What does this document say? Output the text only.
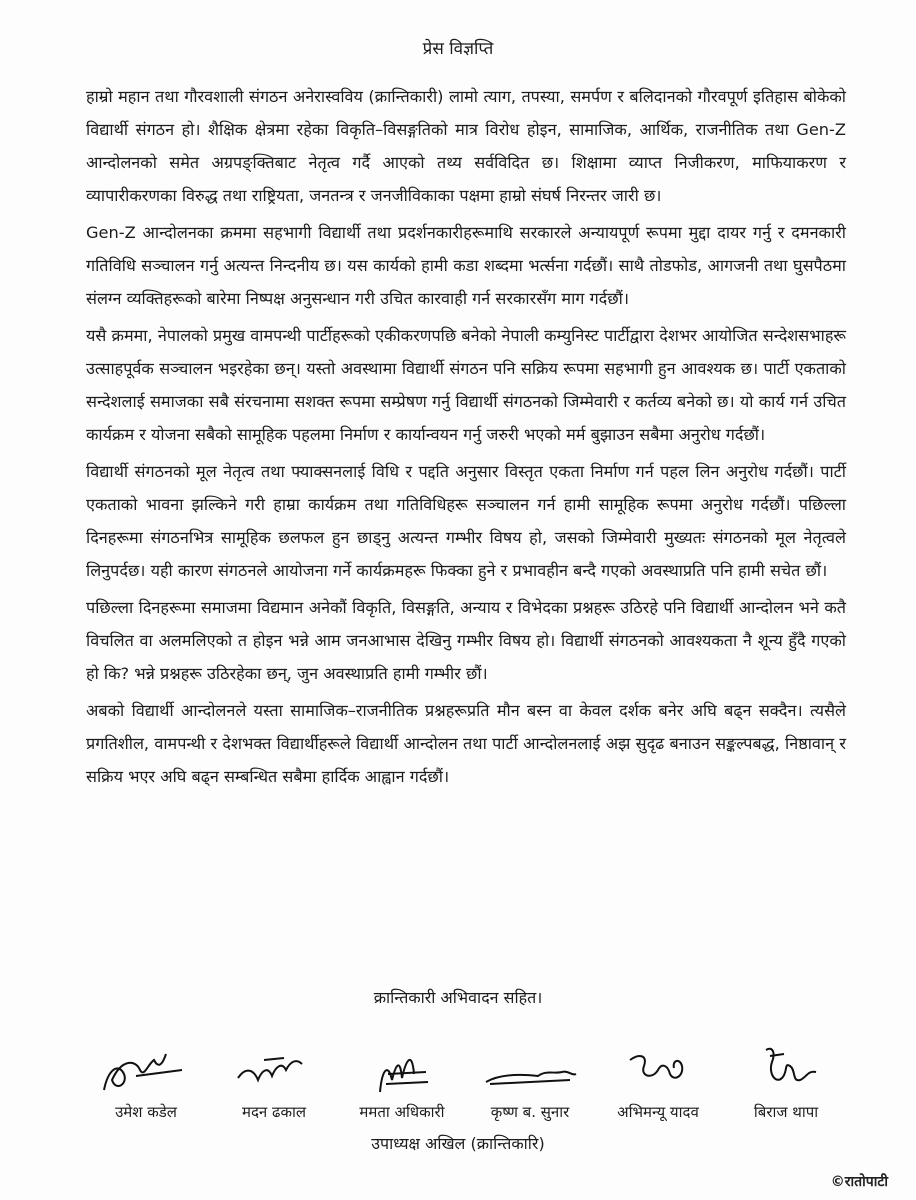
प्रेस विज्ञप्ति

हाम्रो महान तथा गौरवशाली संगठन अनेरास्वविय (क्रान्तिकारी) लामो त्याग, तपस्या, समर्पण र बलिदानको गौरवपूर्ण इतिहास बोकेको विद्यार्थी संगठन हो। शैक्षिक क्षेत्रमा रहेका विकृति–विसङ्गतिको मात्र विरोध होइन, सामाजिक, आर्थिक, राजनीतिक तथा Gen-Z आन्दोलनको समेत अग्रपङ्क्तिबाट नेतृत्व गर्दै आएको तथ्य सर्वविदित छ। शिक्षामा व्याप्त निजीकरण, माफियाकरण र व्यापारीकरणका विरुद्ध तथा राष्ट्रियता, जनतन्त्र र जनजीविकाका पक्षमा हाम्रो संघर्ष निरन्तर जारी छ।

Gen-Z आन्दोलनका क्रममा सहभागी विद्यार्थी तथा प्रदर्शनकारीहरूमाथि सरकारले अन्यायपूर्ण रूपमा मुद्दा दायर गर्नु र दमनकारी गतिविधि सञ्चालन गर्नु अत्यन्त निन्दनीय छ। यस कार्यको हामी कडा शब्दमा भर्त्सना गर्दछौं। साथै तोडफोड, आगजनी तथा घुसपैठमा संलग्न व्यक्तिहरूको बारेमा निष्पक्ष अनुसन्धान गरी उचित कारवाही गर्न सरकारसँग माग गर्दछौं।

यसै क्रममा, नेपालको प्रमुख वामपन्थी पार्टीहरूको एकीकरणपछि बनेको नेपाली कम्युनिस्ट पार्टीद्वारा देशभर आयोजित सन्देशसभाहरू उत्साहपूर्वक सञ्चालन भइरहेका छन्। यस्तो अवस्थामा विद्यार्थी संगठन पनि सक्रिय रूपमा सहभागी हुन आवश्यक छ। पार्टी एकताको सन्देशलाई समाजका सबै संरचनामा सशक्त रूपमा सम्प्रेषण गर्नु विद्यार्थी संगठनको जिम्मेवारी र कर्तव्य बनेको छ। यो कार्य गर्न उचित कार्यक्रम र योजना सबैको सामूहिक पहलमा निर्माण र कार्यान्वयन गर्नु जरुरी भएको मर्म बुझाउन सबैमा अनुरोध गर्दछौं।

विद्यार्थी संगठनको मूल नेतृत्व तथा फ्याक्सनलाई विधि र पद्दति अनुसार विस्तृत एकता निर्माण गर्न पहल लिन अनुरोध गर्दछौं। पार्टी एकताको भावना झल्किने गरी हाम्रा कार्यक्रम तथा गतिविधिहरू सञ्चालन गर्न हामी सामूहिक रूपमा अनुरोध गर्दछौं। पछिल्ला दिनहरूमा संगठनभित्र सामूहिक छलफल हुन छाड्नु अत्यन्त गम्भीर विषय हो, जसको जिम्मेवारी मुख्यतः संगठनको मूल नेतृत्वले लिनुपर्दछ। यही कारण संगठनले आयोजना गर्ने कार्यक्रमहरू फिक्का हुने र प्रभावहीन बन्दै गएको अवस्थाप्रति पनि हामी सचेत छौं।

पछिल्ला दिनहरूमा समाजमा विद्यमान अनेकौं विकृति, विसङ्गति, अन्याय र विभेदका प्रश्नहरू उठिरहे पनि विद्यार्थी आन्दोलन भने कतै विचलित वा अलमलिएको त होइन भन्ने आम जनआभास देखिनु गम्भीर विषय हो। विद्यार्थी संगठनको आवश्यकता नै शून्य हुँदै गएको हो कि? भन्ने प्रश्नहरू उठिरहेका छन्, जुन अवस्थाप्रति हामी गम्भीर छौं।

अबको विद्यार्थी आन्दोलनले यस्ता सामाजिक–राजनीतिक प्रश्नहरूप्रति मौन बस्न वा केवल दर्शक बनेर अघि बढ्न सक्दैन। त्यसैले प्रगतिशील, वामपन्थी र देशभक्त विद्यार्थीहरूले विद्यार्थी आन्दोलन तथा पार्टी आन्दोलनलाई अझ सुदृढ बनाउन सङ्कल्पबद्ध, निष्ठावान् र सक्रिय भएर अघि बढ्न सम्बन्धित सबैमा हार्दिक आह्वान गर्दछौं।

क्रान्तिकारी अभिवादन सहित।
उमेश कडेल	मदन ढकाल	ममता अधिकारी	कृष्ण ब. सुनार	अभिमन्यू यादव	बिराज थापा
उपाध्यक्ष अखिल (क्रान्तिकारि)
©रातोपाटी
